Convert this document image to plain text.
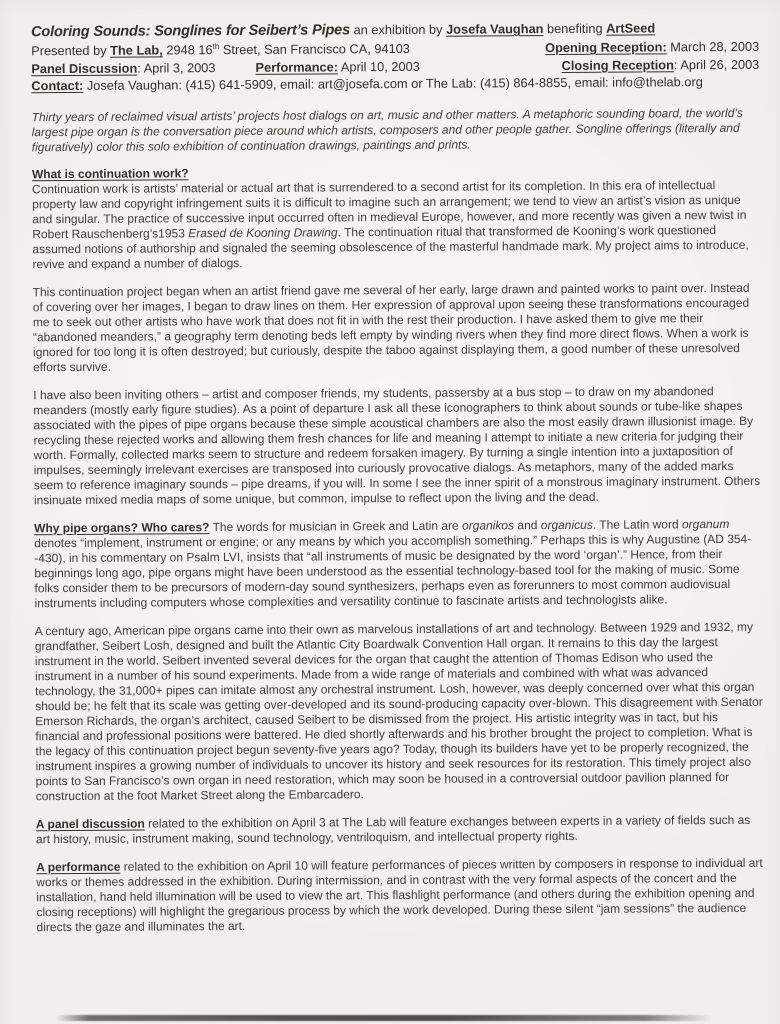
Coloring Sounds: Songlines for Seibert’s Pipes an exhibition by Josefa Vaughan benefiting ArtSeed
Presented by The Lab, 2948 16th Street, San Francisco CA, 94103	Opening Reception: March 28, 2003
Panel Discussion: April 3, 2003	Performance: April 10, 2003	Closing Reception: April 26, 2003
Contact: Josefa Vaughan: (415) 641-5909, email: art@josefa.com or The Lab: (415) 864-8855, email: info@thelab.org

Thirty years of reclaimed visual artists’ projects host dialogs on art, music and other matters. A metaphoric sounding board, the world’s largest pipe organ is the conversation piece around which artists, composers and other people gather. Songline offerings (literally and figuratively) color this solo exhibition of continuation drawings, paintings and prints.

What is continuation work?

Continuation work is artists’ material or actual art that is surrendered to a second artist for its completion. In this era of intellectual property law and copyright infringement suits it is difficult to imagine such an arrangement; we tend to view an artist’s vision as unique and singular. The practice of successive input occurred often in medieval Europe, however, and more recently was given a new twist in Robert Rauschenberg’s1953 Erased de Kooning Drawing. The continuation ritual that transformed de Kooning’s work questioned assumed notions of authorship and signaled the seeming obsolescence of the masterful handmade mark. My project aims to introduce, revive and expand a number of dialogs.

This continuation project began when an artist friend gave me several of her early, large drawn and painted works to paint over. Instead of covering over her images, I began to draw lines on them. Her expression of approval upon seeing these transformations encouraged me to seek out other artists who have work that does not fit in with the rest their production. I have asked them to give me their “abandoned meanders,” a geography term denoting beds left empty by winding rivers when they find more direct flows. When a work is ignored for too long it is often destroyed; but curiously, despite the taboo against displaying them, a good number of these unresolved efforts survive.

I have also been inviting others – artist and composer friends, my students, passersby at a bus stop – to draw on my abandoned meanders (mostly early figure studies). As a point of departure I ask all these iconographers to think about sounds or tube-like shapes associated with the pipes of pipe organs because these simple acoustical chambers are also the most easily drawn illusionist image. By recycling these rejected works and allowing them fresh chances for life and meaning I attempt to initiate a new criteria for judging their worth. Formally, collected marks seem to structure and redeem forsaken imagery. By turning a single intention into a juxtaposition of impulses, seemingly irrelevant exercises are transposed into curiously provocative dialogs. As metaphors, many of the added marks seem to reference imaginary sounds – pipe dreams, if you will. In some I see the inner spirit of a monstrous imaginary instrument. Others insinuate mixed media maps of some unique, but common, impulse to reflect upon the living and the dead.

Why pipe organs? Who cares? The words for musician in Greek and Latin are organikos and organicus. The Latin word organum denotes “implement, instrument or engine; or any means by which you accomplish something.” Perhaps this is why Augustine (AD 354--430), in his commentary on Psalm LVI, insists that “all instruments of music be designated by the word ‘organ’.” Hence, from their beginnings long ago, pipe organs might have been understood as the essential technology-based tool for the making of music. Some folks consider them to be precursors of modern-day sound synthesizers, perhaps even as forerunners to most common audiovisual instruments including computers whose complexities and versatility continue to fascinate artists and technologists alike.

A century ago, American pipe organs came into their own as marvelous installations of art and technology. Between 1929 and 1932, my grandfather, Seibert Losh, designed and built the Atlantic City Boardwalk Convention Hall organ. It remains to this day the largest instrument in the world. Seibert invented several devices for the organ that caught the attention of Thomas Edison who used the instrument in a number of his sound experiments. Made from a wide range of materials and combined with what was advanced technology, the 31,000+ pipes can imitate almost any orchestral instrument. Losh, however, was deeply concerned over what this organ should be; he felt that its scale was getting over-developed and its sound-producing capacity over-blown. This disagreement with Senator Emerson Richards, the organ’s architect, caused Seibert to be dismissed from the project. His artistic integrity was in tact, but his financial and professional positions were battered. He died shortly afterwards and his brother brought the project to completion. What is the legacy of this continuation project begun seventy-five years ago? Today, though its builders have yet to be properly recognized, the instrument inspires a growing number of individuals to uncover its history and seek resources for its restoration. This timely project also points to San Francisco’s own organ in need restoration, which may soon be housed in a controversial outdoor pavilion planned for construction at the foot Market Street along the Embarcadero.

A panel discussion related to the exhibition on April 3 at The Lab will feature exchanges between experts in a variety of fields such as art history, music, instrument making, sound technology, ventriloquism, and intellectual property rights.

A performance related to the exhibition on April 10 will feature performances of pieces written by composers in response to individual art works or themes addressed in the exhibition. During intermission, and in contrast with the very formal aspects of the concert and the installation, hand held illumination will be used to view the art. This flashlight performance (and others during the exhibition opening and closing receptions) will highlight the gregarious process by which the work developed. During these silent “jam sessions” the audience directs the gaze and illuminates the art.
